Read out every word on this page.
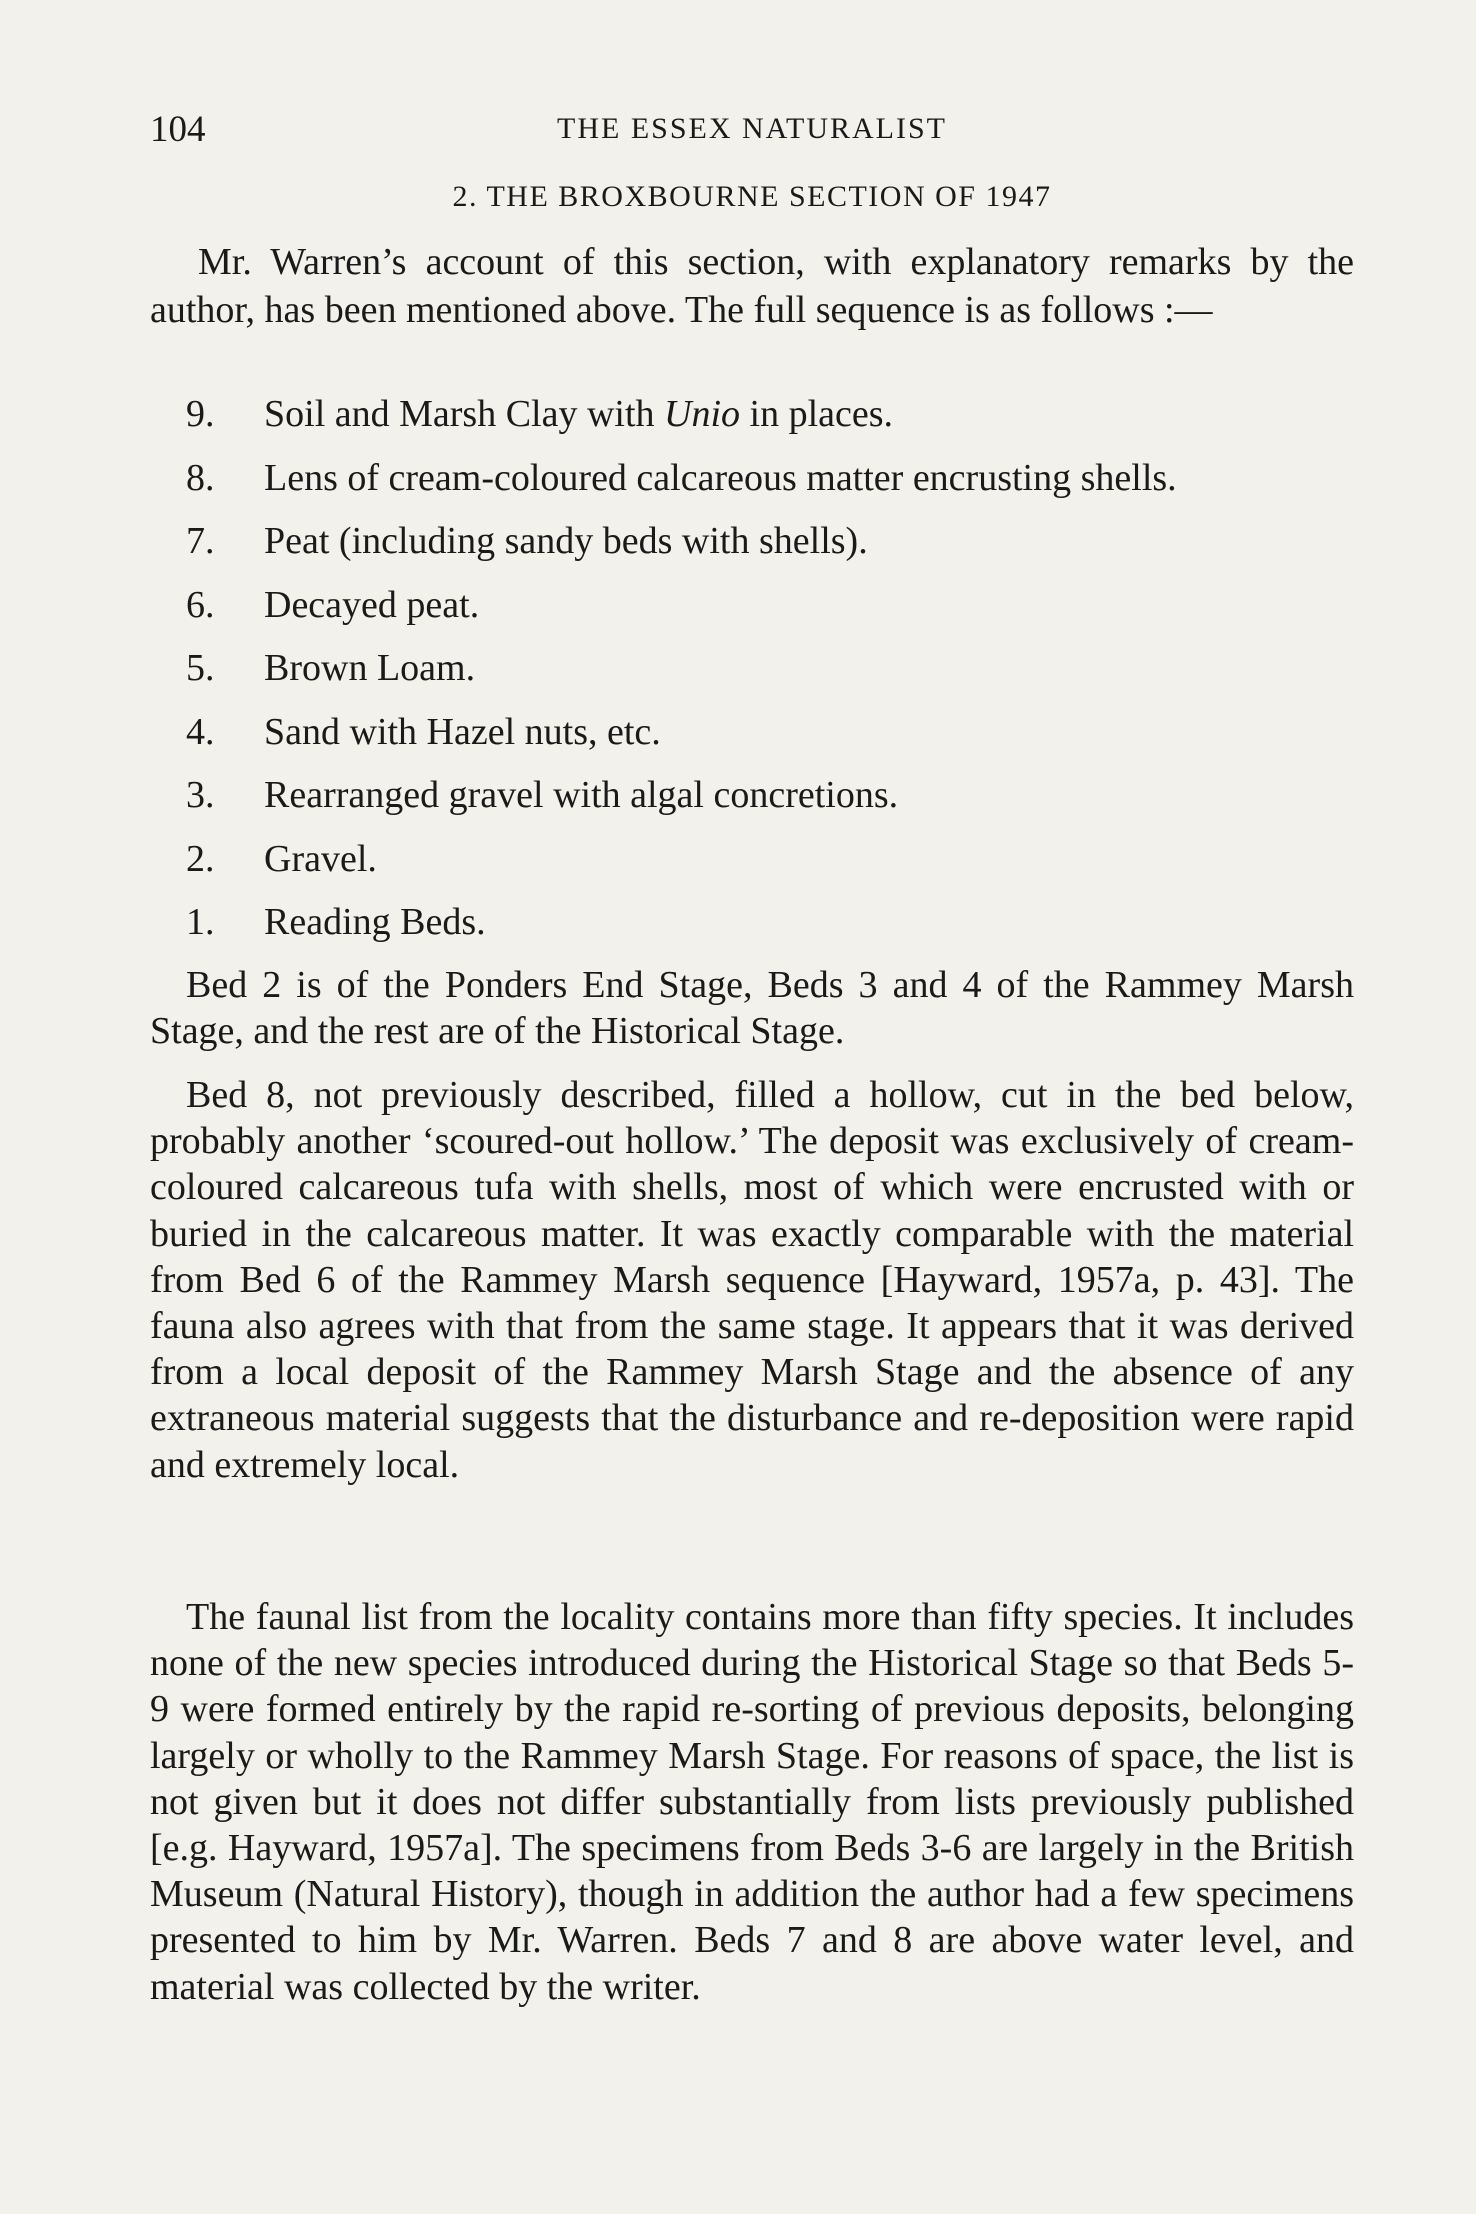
104	THE ESSEX NATURALIST
2. THE BROXBOURNE SECTION OF 1947

Mr. Warren’s account of this section, with explanatory remarks by the author, has been mentioned above. The full sequence is as follows :—

9. Soil and Marsh Clay with Unio in places.
8. Lens of cream-coloured calcareous matter encrusting shells.
7. Peat (including sandy beds with shells).
6. Decayed peat.
5. Brown Loam.
4. Sand with Hazel nuts, etc.
3. Rearranged gravel with algal concretions.
2. Gravel.
1. Reading Beds.

Bed 2 is of the Ponders End Stage, Beds 3 and 4 of the Rammey Marsh Stage, and the rest are of the Historical Stage.

Bed 8, not previously described, filled a hollow, cut in the bed below, probably another ‘scoured-out hollow.’ The deposit was exclusively of cream-coloured calcareous tufa with shells, most of which were encrusted with or buried in the calcareous matter. It was exactly comparable with the material from Bed 6 of the Rammey Marsh sequence [Hayward, 1957a, p. 43]. The fauna also agrees with that from the same stage. It appears that it was derived from a local deposit of the Rammey Marsh Stage and the absence of any extraneous material suggests that the disturbance and re-deposition were rapid and extremely local.

The faunal list from the locality contains more than fifty species. It includes none of the new species introduced during the Historical Stage so that Beds 5-9 were formed entirely by the rapid re-sorting of previous deposits, belonging largely or wholly to the Rammey Marsh Stage. For reasons of space, the list is not given but it does not differ substantially from lists previously published [e.g. Hayward, 1957a]. The specimens from Beds 3-6 are largely in the British Museum (Natural History), though in addition the author had a few specimens presented to him by Mr. Warren. Beds 7 and 8 are above water level, and material was collected by the writer.
